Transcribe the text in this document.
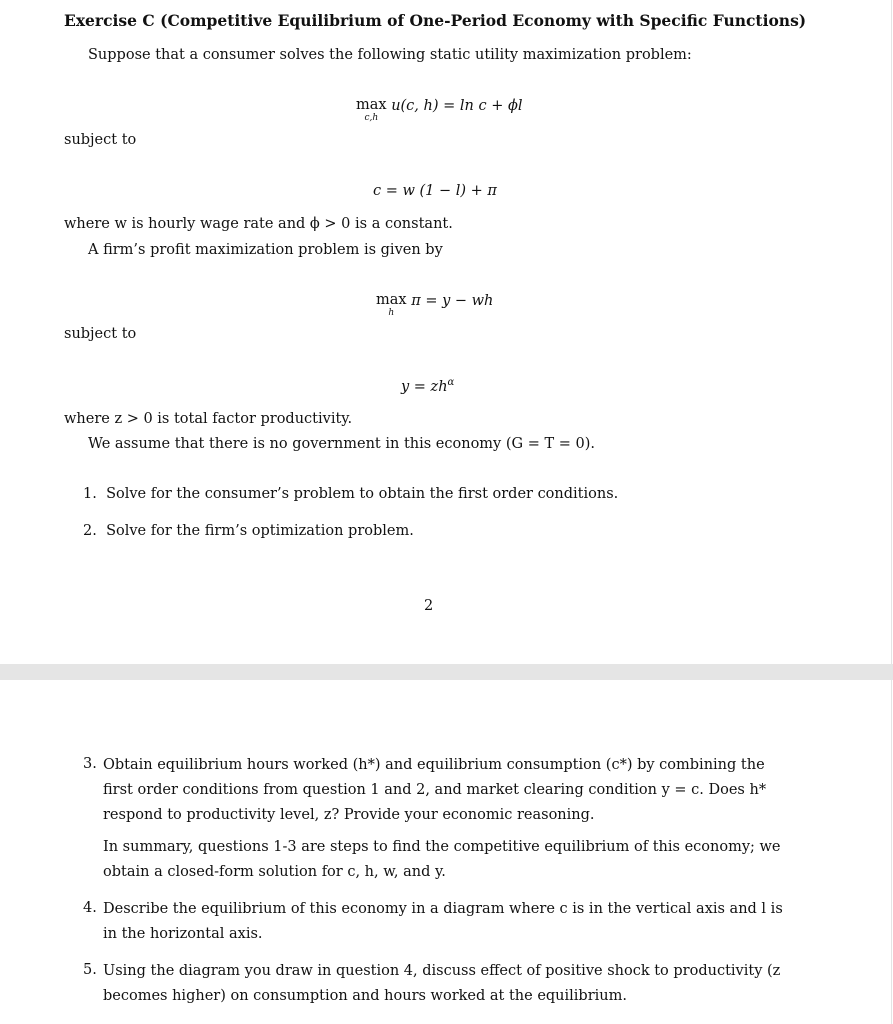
Exercise C (Competitive Equilibrium of One-Period Economy with Specific Functions)
Suppose that a consumer solves the following static utility maximization problem:
max
c,h
u(c, h) = ln c + ϕl
subject to
c = w (1 − l) + π
where w is hourly wage rate and ϕ > 0 is a constant.
A firm’s profit maximization problem is given by
max
h
π = y − wh
subject to
$y = zh^\alpha$
where z > 0 is total factor productivity.
We assume that there is no government in this economy (G = T = 0).
1. Solve for the consumer’s problem to obtain the first order conditions.
2. Solve for the firm’s optimization problem.
2
3. Obtain equilibrium hours worked (h*) and equilibrium consumption (c*) by combining the first order conditions from question 1 and 2, and market clearing condition y = c. Does h* respond to productivity level, z? Provide your economic reasoning.
In summary, questions 1-3 are steps to find the competitive equilibrium of this economy; we obtain a closed-form solution for c, h, w, and y.
4. Describe the equilibrium of this economy in a diagram where c is in the vertical axis and l is in the horizontal axis.
5. Using the diagram you draw in question 4, discuss effect of positive shock to productivity (z becomes higher) on consumption and hours worked at the equilibrium.
